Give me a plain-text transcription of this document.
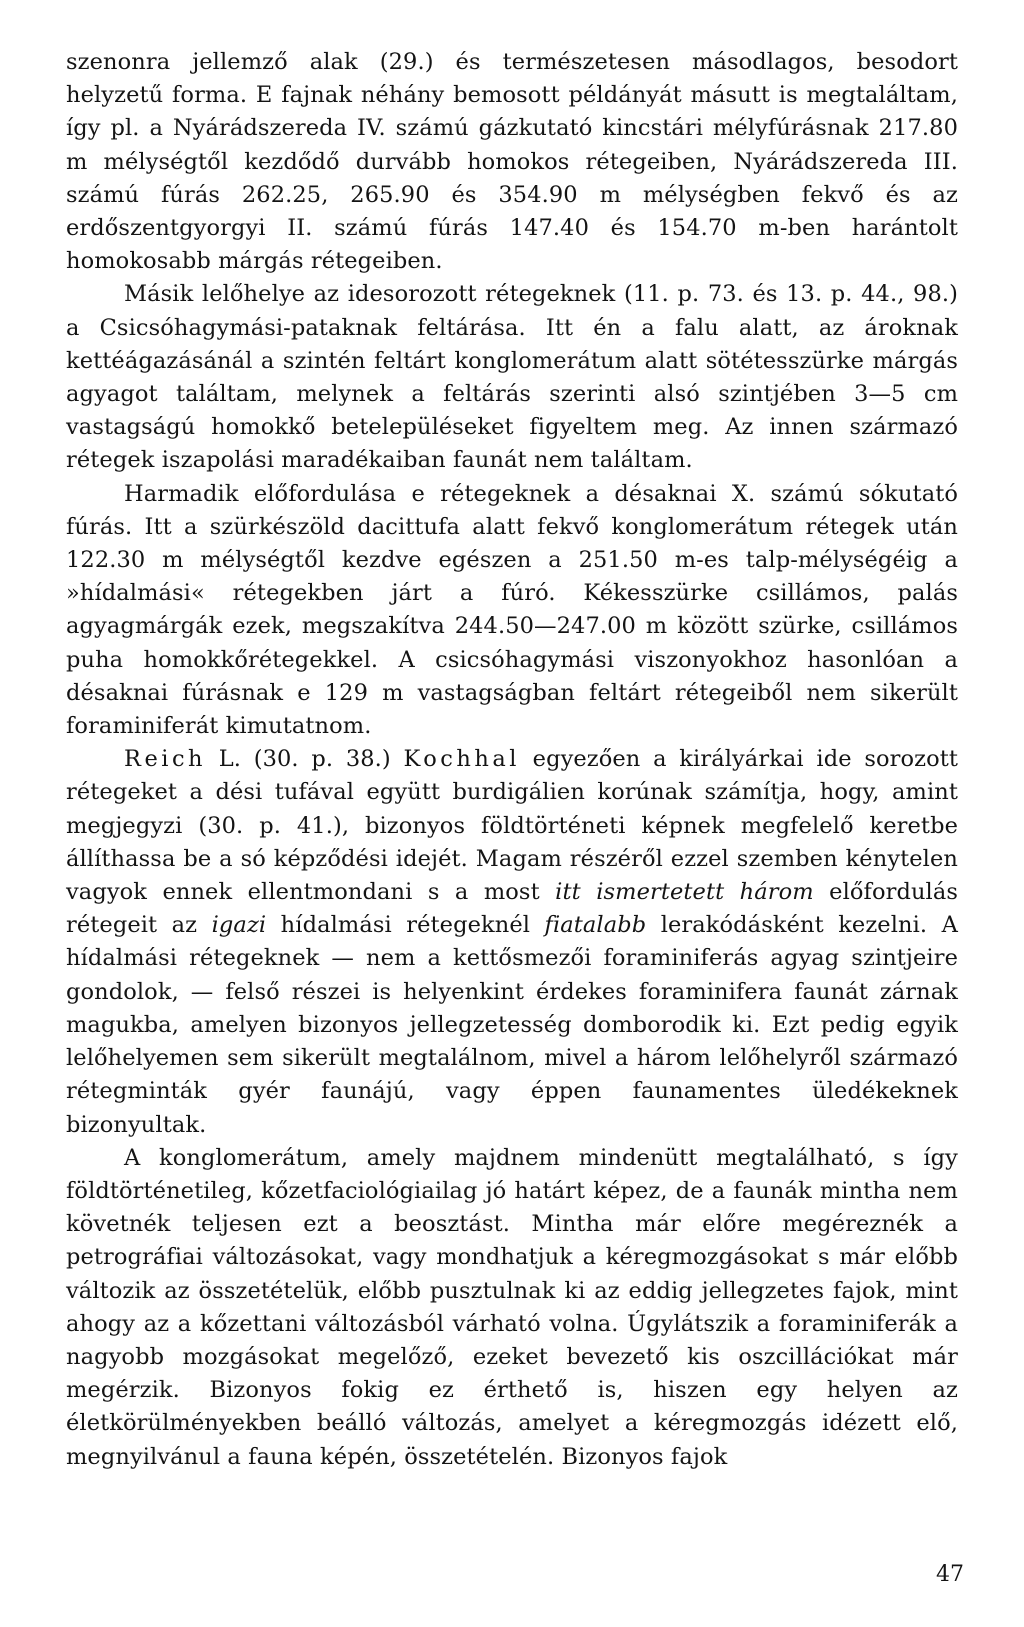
szenonra jellemző alak (29.) és természetesen másodlagos, besodort helyzetű forma. E fajnak néhány bemosott példányát másutt is megtaláltam, így pl. a Nyárádszereda IV. számú gázkutató kincstári mélyfúrásnak 217.80 m mélységtől kezdődő durvább homokos rétegeiben, Nyárádszereda III. számú fúrás 262.25, 265.90 és 354.90 m mélységben fekvő és az erdőszentgyorgyi II. számú fúrás 147.40 és 154.70 m-ben harántolt homokosabb márgás rétegeiben.

Másik lelőhelye az idesorozott rétegeknek (11. p. 73. és 13. p. 44., 98.) a Csicsóhagymási-pataknak feltárása. Itt én a falu alatt, az ároknak kettéágazásánál a szintén feltárt konglomerátum alatt sötétesszürke márgás agyagot találtam, melynek a feltárás szerinti alsó szintjében 3—5 cm vastagságú homokkő betelepüléseket figyeltem meg. Az innen származó rétegek iszapolási maradékaiban faunát nem találtam.

Harmadik előfordulása e rétegeknek a désaknai X. számú sókutató fúrás. Itt a szürkészöld dacittufa alatt fekvő konglomerátum rétegek után 122.30 m mélységtől kezdve egészen a 251.50 m-es talp-mélységéig a »hídalmási« rétegekben járt a fúró. Kékesszürke csillámos, palás agyagmárgák ezek, megszakítva 244.50—247.00 m között szürke, csillámos puha homokkőrétegekkel. A csicsóhagymási viszonyokhoz hasonlóan a désaknai fúrásnak e 129 m vastagságban feltárt rétegeiből nem sikerült foraminiferát kimutatnom.

Reich L. (30. p. 38.) Kochhal egyezően a királyárkai ide sorozott rétegeket a dési tufával együtt burdigálien korúnak számítja, hogy, amint megjegyzi (30. p. 41.), bizonyos földtörténeti képnek megfelelő keretbe állíthassa be a só képződési idejét. Magam részéről ezzel szemben kénytelen vagyok ennek ellentmondani s a most itt ismertetett három előfordulás rétegeit az igazi hídalmási rétegeknél fiatalabb lerakódásként kezelni. A hídalmási rétegeknek — nem a kettősmezői foraminiferás agyag szintjeire gondolok, — felső részei is helyenkint érdekes foraminifera faunát zárnak magukba, amelyen bizonyos jellegzetesség domborodik ki. Ezt pedig egyik lelőhelyemen sem sikerült megtalálnom, mivel a három lelőhelyről származó rétegminták gyér faunájú, vagy éppen faunamentes üledékeknek bizonyultak.

A konglomerátum, amely majdnem mindenütt megtalálható, s így földtörténetileg, kőzetfaciológiailag jó határt képez, de a faunák mintha nem követnék teljesen ezt a beosztást. Mintha már előre megéreznék a petrográfiai változásokat, vagy mondhatjuk a kéregmozgásokat s már előbb változik az összetételük, előbb pusztulnak ki az eddig jellegzetes fajok, mint ahogy az a kőzettani változásból várható volna. Úgylátszik a foraminiferák a nagyobb mozgásokat megelőző, ezeket bevezető kis oszcillációkat már megérzik. Bizonyos fokig ez érthető is, hiszen egy helyen az életkörülményekben beálló változás, amelyet a kéregmozgás idézett elő, megnyilvánul a fauna képén, összetételén. Bizonyos fajok

47
